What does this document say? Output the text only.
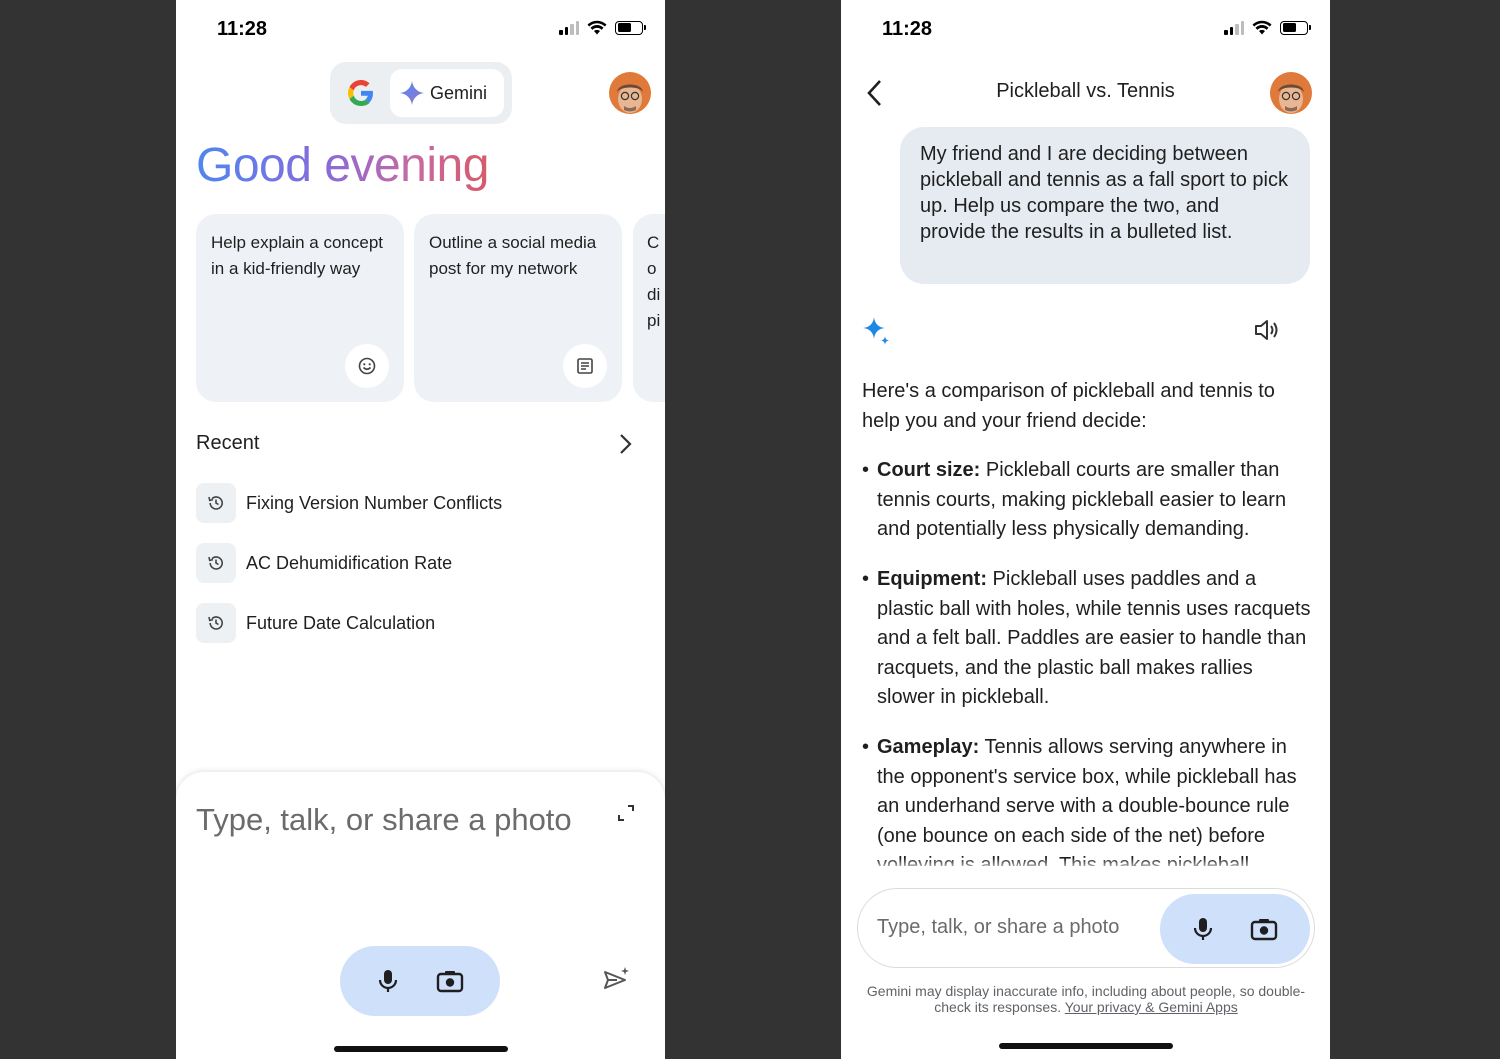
11:28
Gemini
Good evening
Help explain a concept in a kid-friendly way
Outline a social media post for my network
Co di pi
Recent
Fixing Version Number Conflicts
AC Dehumidification Rate
Future Date Calculation
Type, talk, or share a photo
11:28
Pickleball vs. Tennis
My friend and I are deciding between pickleball and tennis as a fall sport to pick up. Help us compare the two, and provide the results in a bulleted list.
Here's a comparison of pickleball and tennis to help you and your friend decide:
• Court size: Pickleball courts are smaller than tennis courts, making pickleball easier to learn and potentially less physically demanding.
• Equipment: Pickleball uses paddles and a plastic ball with holes, while tennis uses racquets and a felt ball. Paddles are easier to handle than racquets, and the plastic ball makes rallies slower in pickleball.
• Gameplay: Tennis allows serving anywhere in the opponent's service box, while pickleball has an underhand serve with a double-bounce rule (one bounce on each side of the net) before
Type, talk, or share a photo
Gemini may display inaccurate info, including about people, so double-check its responses. Your privacy & Gemini Apps
